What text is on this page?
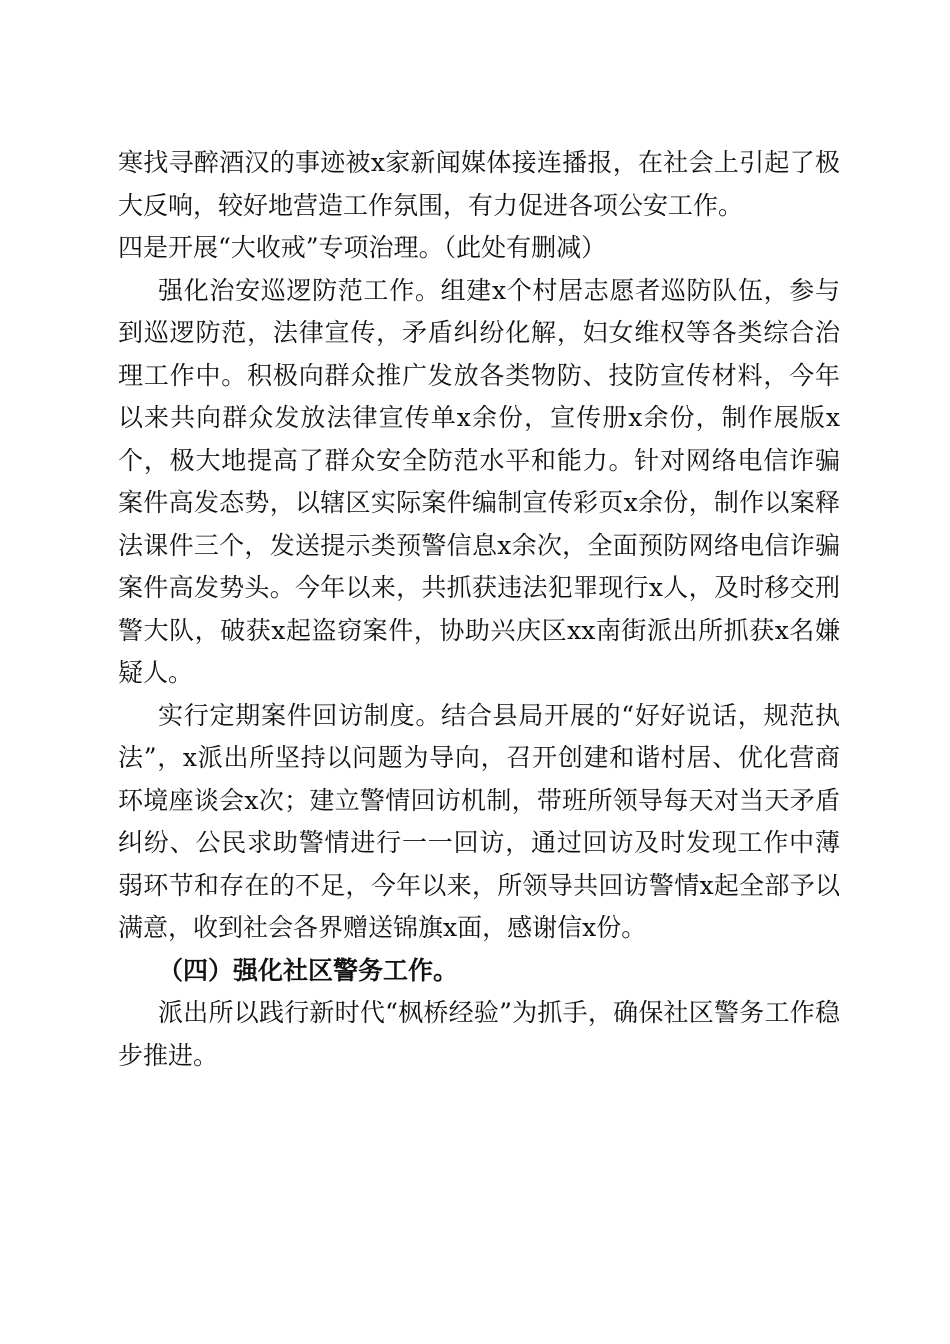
寒找寻醉酒汉的事迹被x家新闻媒体接连播报，在社会上引起了极大反响，较好地营造工作氛围，有力促进各项公安工作。

四是开展“大收戒”专项治理。（此处有删减）

强化治安巡逻防范工作。组建x个村居志愿者巡防队伍，参与到巡逻防范，法律宣传，矛盾纠纷化解，妇女维权等各类综合治理工作中。积极向群众推广发放各类物防、技防宣传材料，今年以来共向群众发放法律宣传单x余份，宣传册x余份，制作展版x个，极大地提高了群众安全防范水平和能力。针对网络电信诈骗案件高发态势，以辖区实际案件编制宣传彩页x余份，制作以案释法课件三个，发送提示类预警信息x余次，全面预防网络电信诈骗案件高发势头。今年以来，共抓获违法犯罪现行x人，及时移交刑警大队，破获x起盗窃案件，协助兴庆区xx南街派出所抓获x名嫌疑人。

实行定期案件回访制度。结合县局开展的“好好说话，规范执法”，x派出所坚持以问题为导向，召开创建和谐村居、优化营商环境座谈会x次；建立警情回访机制，带班所领导每天对当天矛盾纠纷、公民求助警情进行一一回访，通过回访及时发现工作中薄弱环节和存在的不足，今年以来，所领导共回访警情x起全部予以满意，收到社会各界赠送锦旗x面，感谢信x份。

（四）强化社区警务工作。

派出所以践行新时代“枫桥经验”为抓手，确保社区警务工作稳步推进。
